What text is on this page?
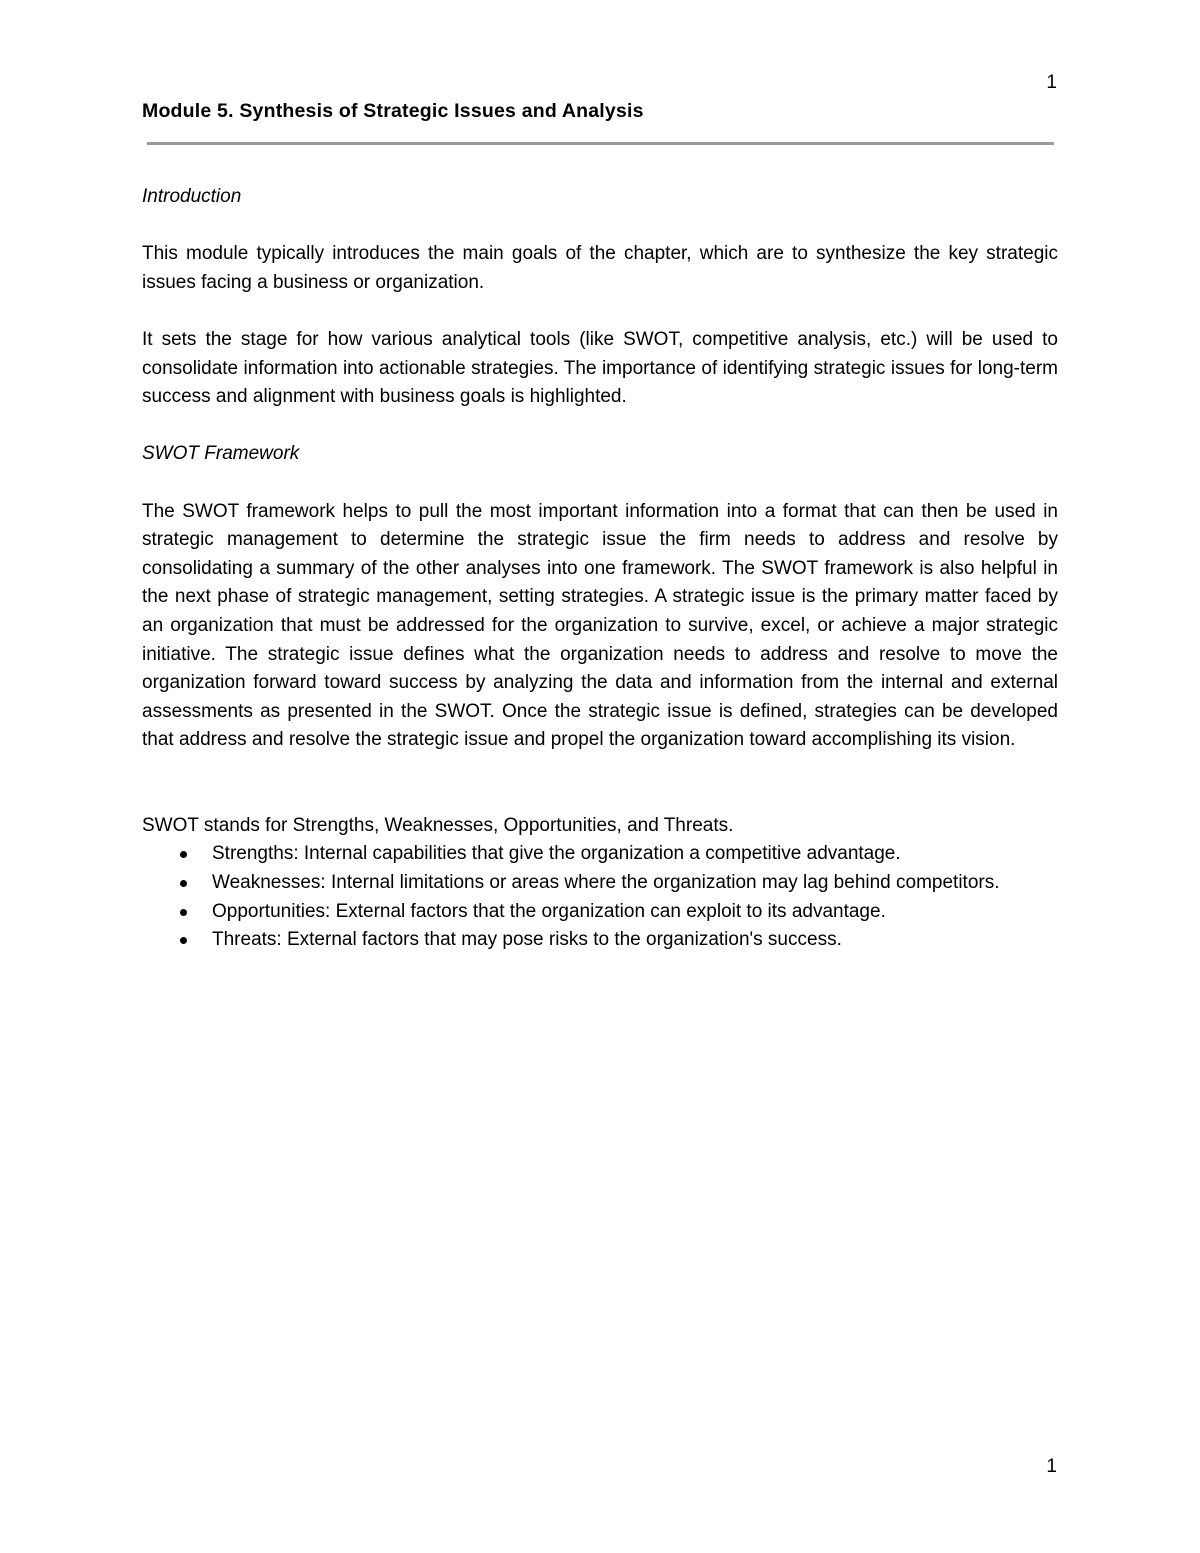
1
Module 5. Synthesis of Strategic Issues and Analysis

Introduction

This module typically introduces the main goals of the chapter, which are to synthesize the key strategic issues facing a business or organization.

It sets the stage for how various analytical tools (like SWOT, competitive analysis, etc.) will be used to consolidate information into actionable strategies. The importance of identifying strategic issues for long-term success and alignment with business goals is highlighted.

SWOT Framework

The SWOT framework helps to pull the most important information into a format that can then be used in strategic management to determine the strategic issue the firm needs to address and resolve by consolidating a summary of the other analyses into one framework. The SWOT framework is also helpful in the next phase of strategic management, setting strategies. A strategic issue is the primary matter faced by an organization that must be addressed for the organization to survive, excel, or achieve a major strategic initiative. The strategic issue defines what the organization needs to address and resolve to move the organization forward toward success by analyzing the data and information from the internal and external assessments as presented in the SWOT. Once the strategic issue is defined, strategies can be developed that address and resolve the strategic issue and propel the organization toward accomplishing its vision.

SWOT stands for Strengths, Weaknesses, Opportunities, and Threats.

Strengths: Internal capabilities that give the organization a competitive advantage.
Weaknesses: Internal limitations or areas where the organization may lag behind competitors.
Opportunities: External factors that the organization can exploit to its advantage.
Threats: External factors that may pose risks to the organization's success.
1
